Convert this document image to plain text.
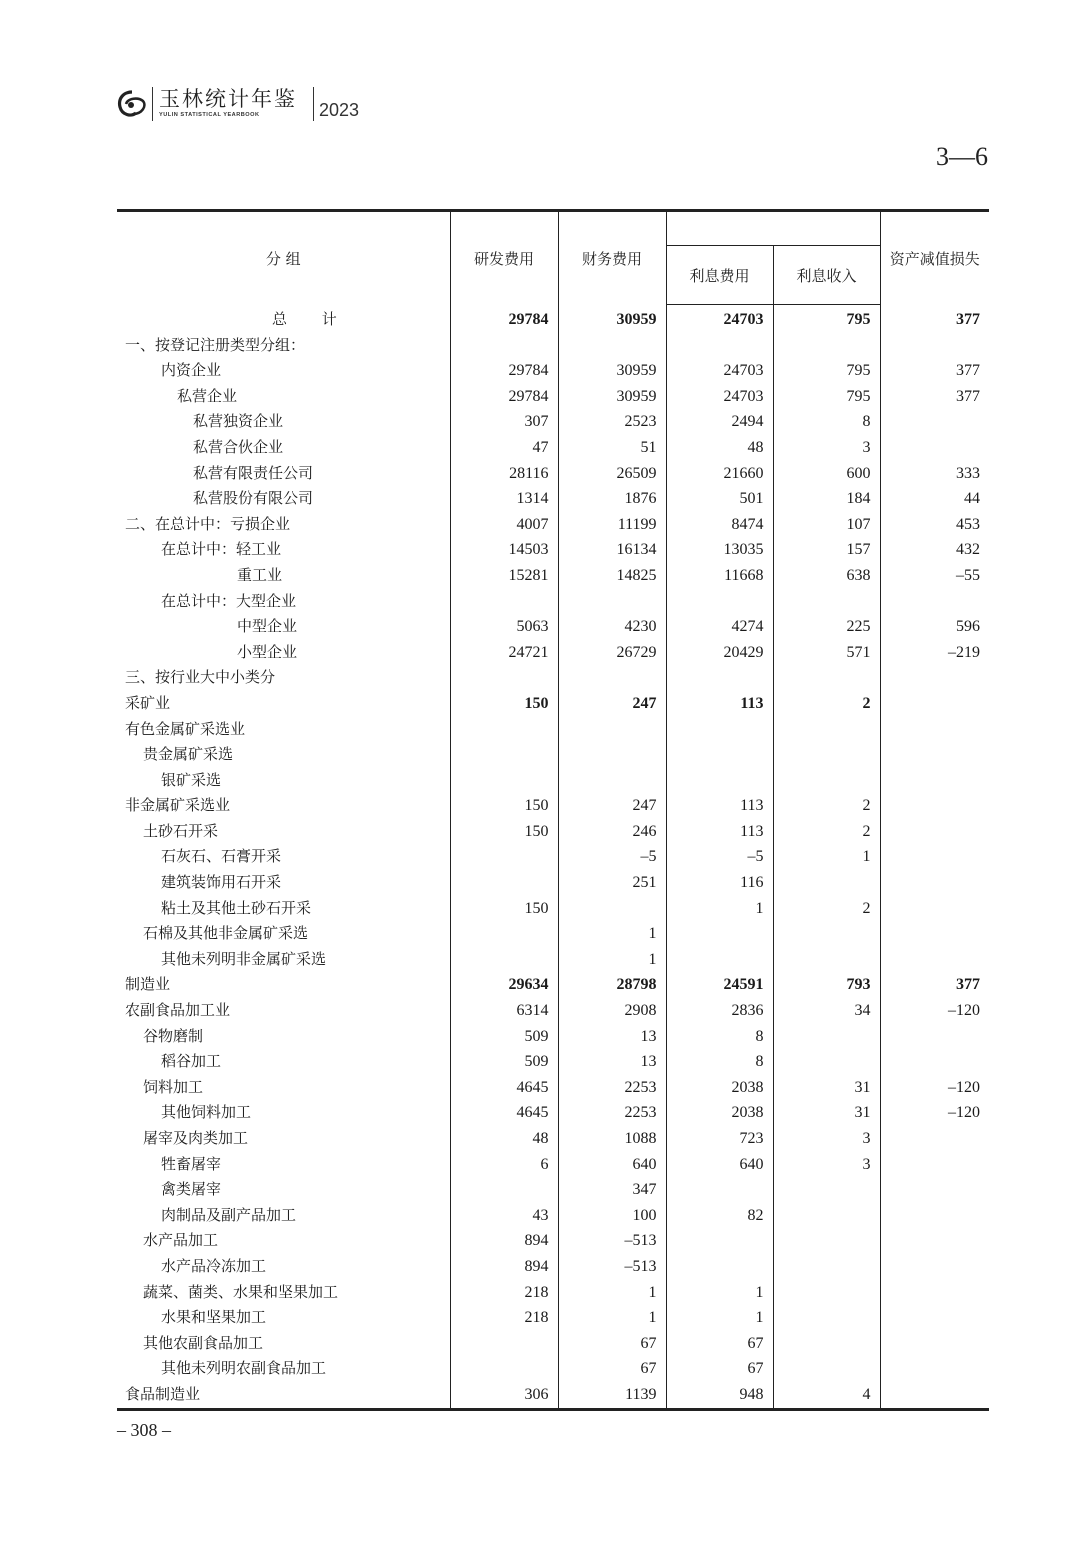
玉林统计年鉴
YULIN STATISTICAL YEARBOOK	2023
3—6
分 组	研发费用	财务费用			资产减值损失
			利息费用	利息收入	
总 计	29784	30959	24703	795	377
一、按登记注册类型分组：					
内资企业	29784	30959	24703	795	377
私营企业	29784	30959	24703	795	377
私营独资企业	307	2523	2494	8	
私营合伙企业	47	51	48	3	
私营有限责任公司	28116	26509	21660	600	333
私营股份有限公司	1314	1876	501	184	44
二、在总计中：亏损企业	4007	11199	8474	107	453
在总计中：轻工业	14503	16134	13035	157	432
重工业	15281	14825	11668	638	–55
在总计中：大型企业					
中型企业	5063	4230	4274	225	596
小型企业	24721	26729	20429	571	–219
三、按行业大中小类分					
采矿业	150	247	113	2	
有色金属矿采选业					
贵金属矿采选					
银矿采选					
非金属矿采选业	150	247	113	2	
土砂石开采	150	246	113	2	
石灰石、石膏开采		–5	–5	1	
建筑装饰用石开采		251	116		
粘土及其他土砂石开采	150		1	2	
石棉及其他非金属矿采选		1			
其他未列明非金属矿采选		1			
制造业	29634	28798	24591	793	377
农副食品加工业	6314	2908	2836	34	–120
谷物磨制	509	13	8		
稻谷加工	509	13	8		
饲料加工	4645	2253	2038	31	–120
其他饲料加工	4645	2253	2038	31	–120
屠宰及肉类加工	48	1088	723	3	
牲畜屠宰	6	640	640	3	
禽类屠宰		347			
肉制品及副产品加工	43	100	82		
水产品加工	894	–513			
水产品冷冻加工	894	–513			
蔬菜、菌类、水果和坚果加工	218	1	1		
水果和坚果加工	218	1	1		
其他农副食品加工		67	67		
其他未列明农副食品加工		67	67		
食品制造业	306	1139	948	4	
– 308 –
